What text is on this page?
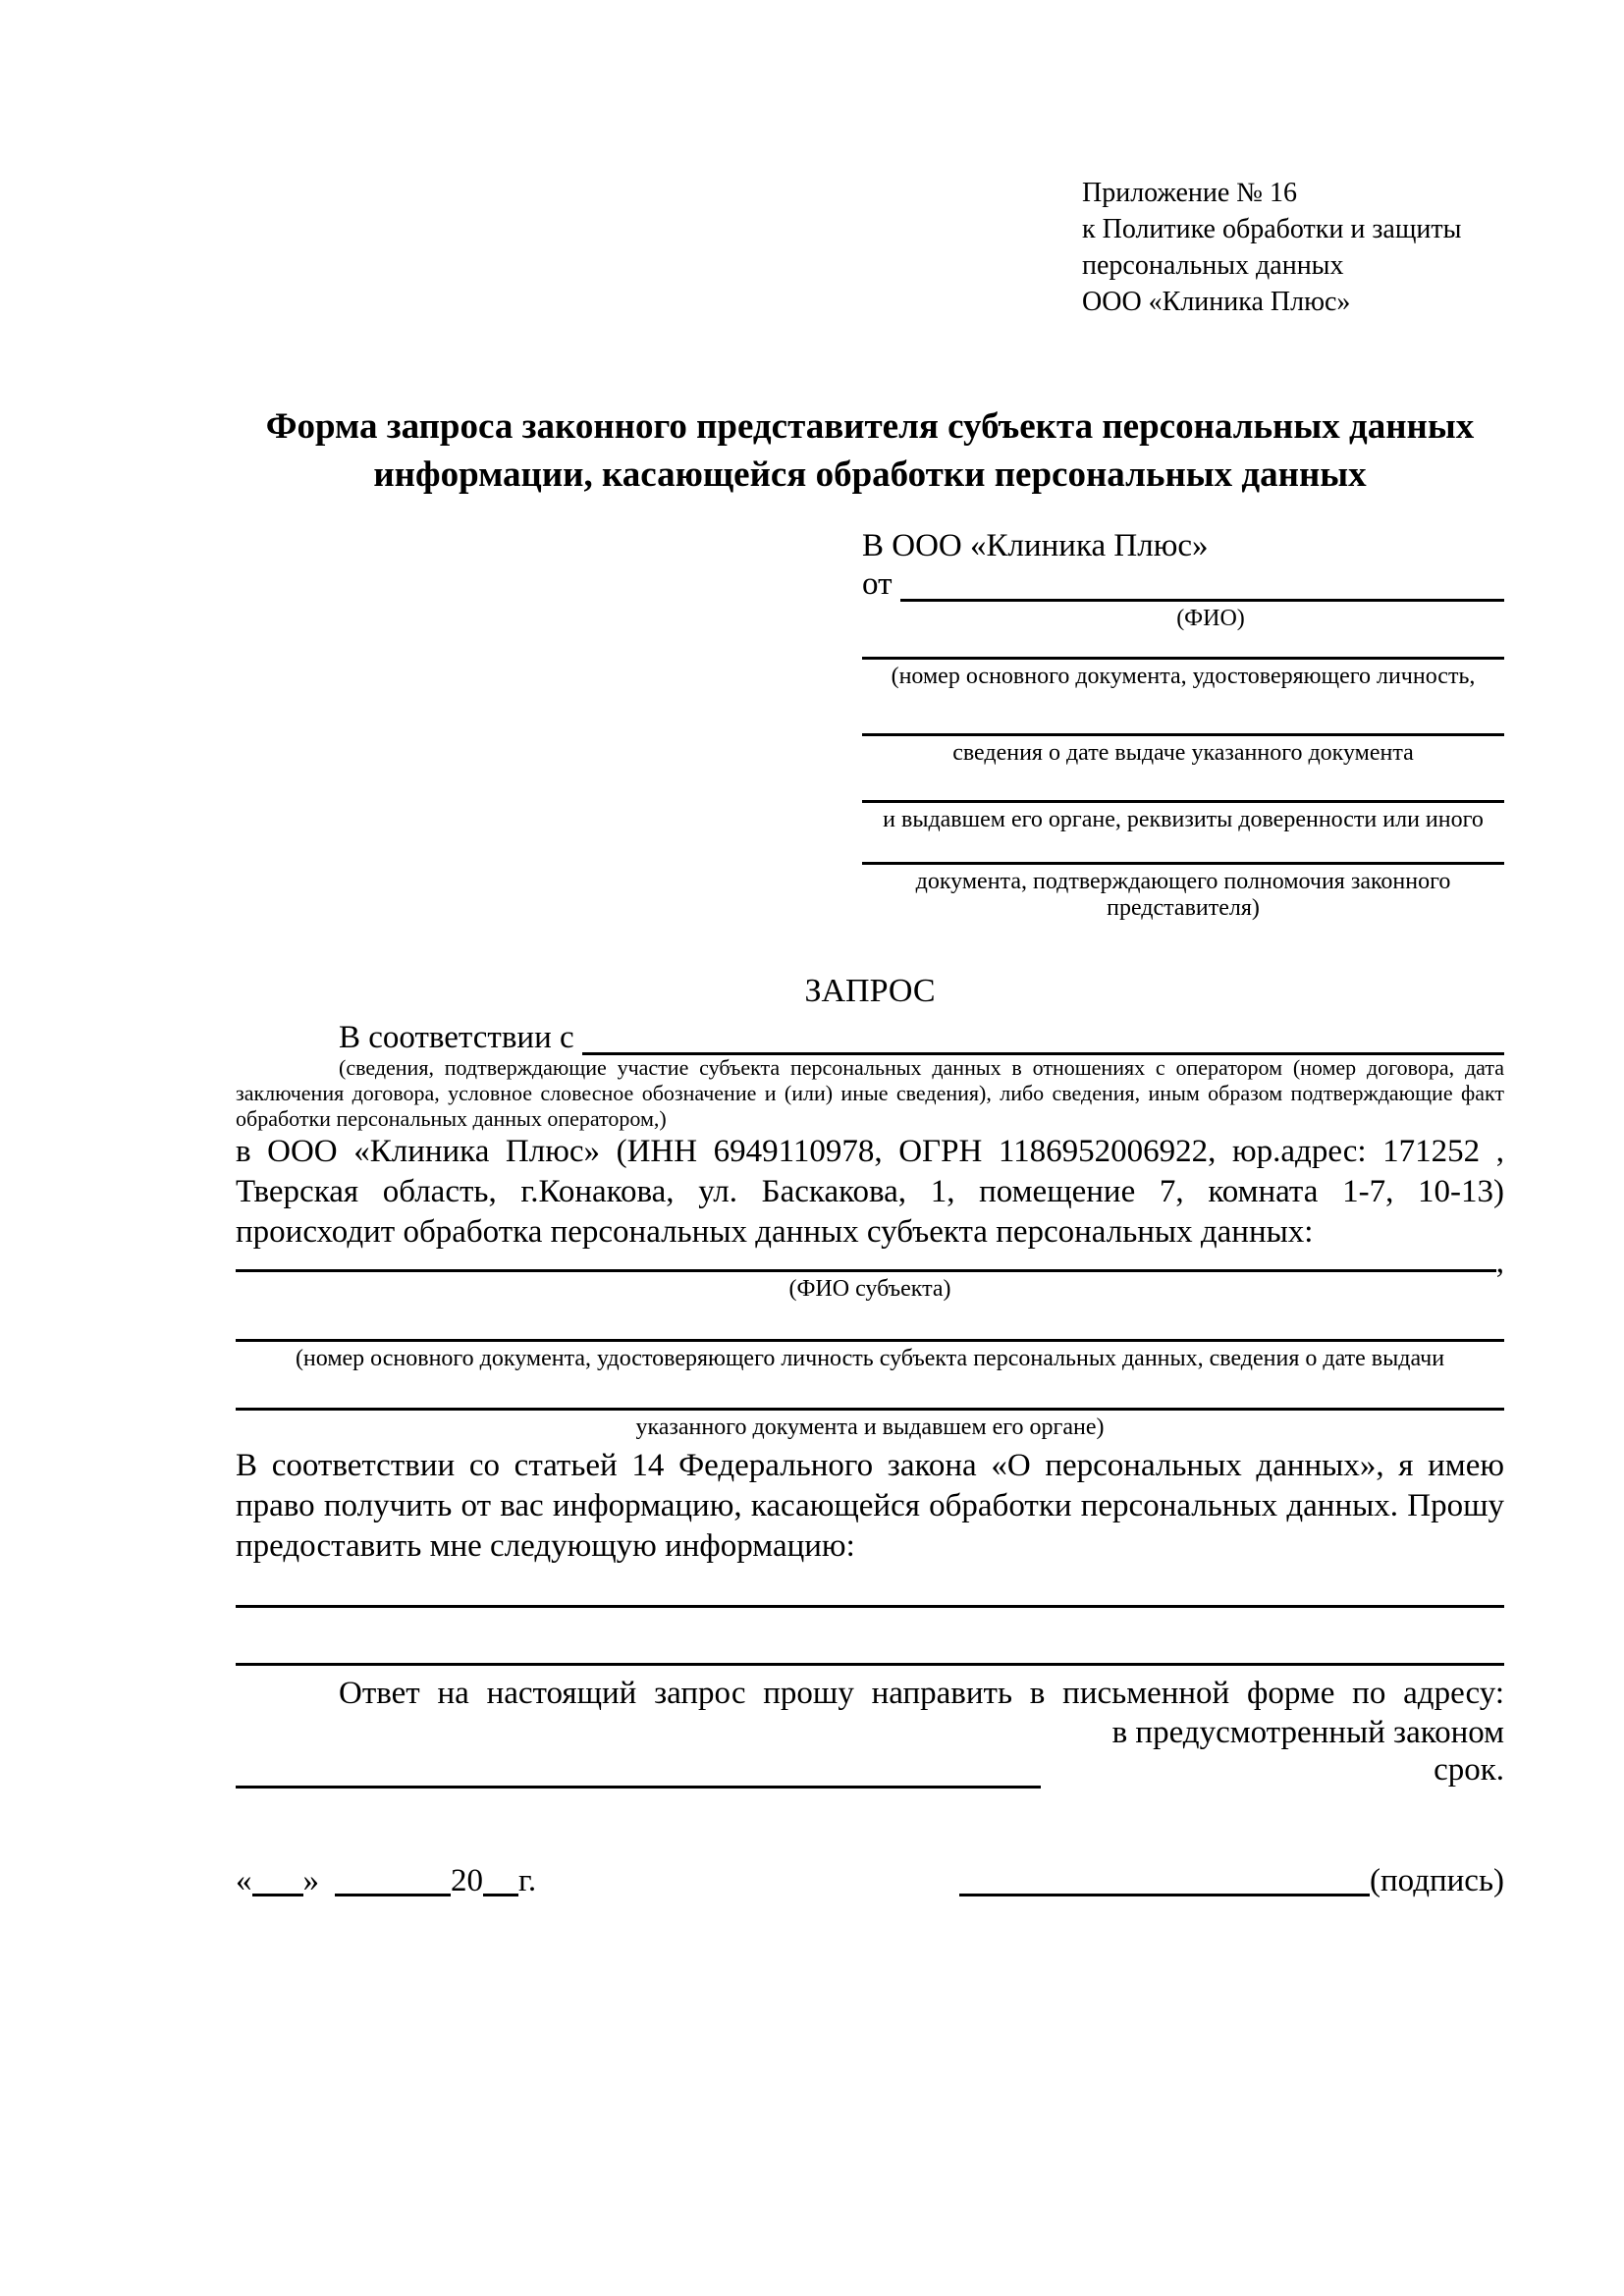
Приложение № 16
к Политике обработки и защиты
персональных данных
ООО «Клиника Плюс»
Форма запроса законного представителя субъекта персональных данных
информации, касающейся обработки персональных данных
В ООО «Клиника Плюс»
от
(ФИО)
(номер основного документа, удостоверяющего личность,
сведения о дате выдаче указанного документа
и выдавшем его органе, реквизиты доверенности или иного
документа, подтверждающего полномочия законного представителя)
ЗАПРОС
В соответствии с
(сведения, подтверждающие участие субъекта персональных данных в отношениях с оператором (номер договора, дата
заключения договора, условное словесное обозначение и (или) иные сведения), либо сведения, иным образом подтверждающие факт
обработки персональных данных оператором,)
в ООО «Клиника Плюс» (ИНН 6949110978, ОГРН 1186952006922, юр.адрес: 171252 ,
Тверская область, г.Конакова, ул. Баскакова, 1, помещение 7, комната 1-7, 10-13)
происходит обработка персональных данных субъекта персональных данных:
,
(ФИО субъекта)
(номер основного документа, удостоверяющего личность субъекта персональных данных, сведения о дате выдачи
указанного документа и выдавшем его органе)
В соответствии со статьей 14 Федерального закона «О персональных данных», я имею
право получить от вас информацию, касающейся обработки персональных данных. Прошу
предоставить мне следующую информацию:
Ответ на настоящий запрос прошу направить в письменной форме по адресу:
в предусмотренный законом срок.
« »	20 г.	(подпись)
